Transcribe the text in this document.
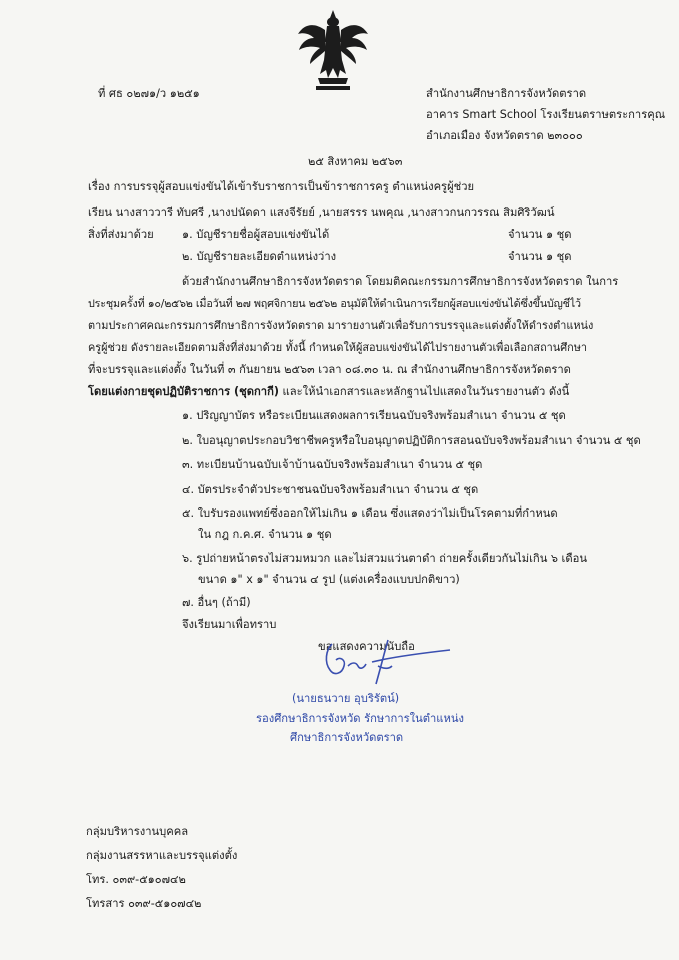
ที่ ศธ ๐๒๗๑/ว ๑๒๕๑	สำนักงานศึกษาธิการจังหวัดตราด
อาคาร Smart School โรงเรียนตราษตระการคุณ
อำเภอเมือง จังหวัดตราด ๒๓๐๐๐
๒๕ สิงหาคม ๒๕๖๓
เรื่อง การบรรจุผู้สอบแข่งขันได้เข้ารับราชการเป็นข้าราชการครู ตำแหน่งครูผู้ช่วย
เรียน นางสาววารี ทับศรี ,นางปนัดดา แสงจีรัยย์ ,นายสรรร นพคุณ ,นางสาวกนกวรรณ สิมศิริวัฒน์
สิ่งที่ส่งมาด้วย	๑. บัญชีรายชื่อผู้สอบแข่งขันได้	จำนวน ๑ ชุด
๒. บัญชีรายละเอียดตำแหน่งว่าง	จำนวน ๑ ชุด
ด้วยสำนักงานศึกษาธิการจังหวัดตราด โดยมติคณะกรรมการศึกษาธิการจังหวัดตราด ในการ
ประชุมครั้งที่ ๑๐/๒๕๖๒ เมื่อวันที่ ๒๗ พฤศจิกายน ๒๕๖๒ อนุมัติให้ดำเนินการเรียกผู้สอบแข่งขันได้ซึ่งขึ้นบัญชีไว้
ตามประกาศคณะกรรมการศึกษาธิการจังหวัดตราด มารายงานตัวเพื่อรับการบรรจุและแต่งตั้งให้ดำรงตำแหน่ง
ครูผู้ช่วย ดังรายละเอียดตามสิ่งที่ส่งมาด้วย ทั้งนี้ กำหนดให้ผู้สอบแข่งขันได้ไปรายงานตัวเพื่อเลือกสถานศึกษา
ที่จะบรรจุและแต่งตั้ง ในวันที่ ๓ กันยายน ๒๕๖๓ เวลา ๐๘.๓๐ น. ณ สำนักงานศึกษาธิการจังหวัดตราด
โดยแต่งกายชุดปฏิบัติราชการ (ชุดกากี) และให้นำเอกสารและหลักฐานไปแสดงในวันรายงานตัว ดังนี้
๑. ปริญญาบัตร หรือระเบียนแสดงผลการเรียนฉบับจริงพร้อมสำเนา จำนวน ๕ ชุด
๒. ใบอนุญาตประกอบวิชาชีพครูหรือใบอนุญาตปฏิบัติการสอนฉบับจริงพร้อมสำเนา จำนวน ๕ ชุด
๓. ทะเบียนบ้านฉบับเจ้าบ้านฉบับจริงพร้อมสำเนา จำนวน ๕ ชุด
๔. บัตรประจำตัวประชาชนฉบับจริงพร้อมสำเนา จำนวน ๕ ชุด
๕. ใบรับรองแพทย์ซึ่งออกให้ไม่เกิน ๑ เดือน ซึ่งแสดงว่าไม่เป็นโรคตามที่กำหนด
ใน กฎ ก.ค.ศ. จำนวน ๑ ชุด
๖. รูปถ่ายหน้าตรงไม่สวมหมวก และไม่สวมแว่นตาดำ ถ่ายครั้งเดียวกันไม่เกิน ๖ เดือน
ขนาด ๑" x ๑" จำนวน ๔ รูป (แต่งเครื่องแบบปกติขาว)
๗. อื่นๆ (ถ้ามี)
จึงเรียนมาเพื่อทราบ
ขอแสดงความนับถือ
(นายธนวาย อุบริรัตน์)
รองศึกษาธิการจังหวัด รักษาการในตำแหน่ง
ศึกษาธิการจังหวัดตราด
กลุ่มบริหารงานบุคคล
กลุ่มงานสรรหาและบรรจุแต่งตั้ง
โทร. ๐๓๙-๕๑๐๗๔๒
โทรสาร ๐๓๙-๕๑๐๗๔๒
